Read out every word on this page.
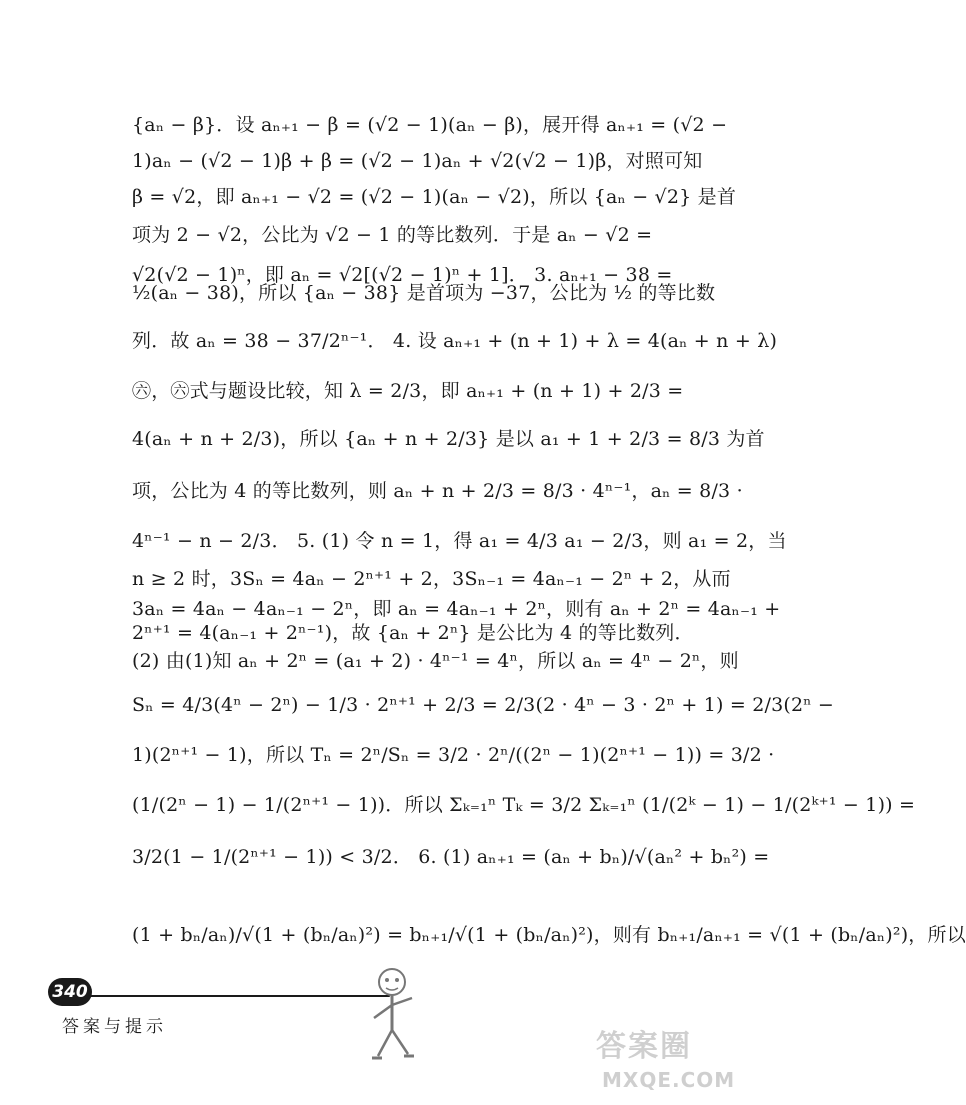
{aₙ − β}．设 aₙ₊₁ − β = (√2 − 1)(aₙ − β)，展开得 aₙ₊₁ = (√2 −
1)aₙ − (√2 − 1)β + β = (√2 − 1)aₙ + √2(√2 − 1)β，对照可知
β = √2，即 aₙ₊₁ − √2 = (√2 − 1)(aₙ − √2)，所以 {aₙ − √2} 是首
项为 2 − √2，公比为 √2 − 1 的等比数列．于是 aₙ − √2 =
√2(√2 − 1)ⁿ，即 aₙ = √2[(√2 − 1)ⁿ + 1]． 3. aₙ₊₁ − 38 =
½(aₙ − 38)，所以 {aₙ − 38} 是首项为 −37，公比为 ½ 的等比数
列．故 aₙ = 38 − 37/2ⁿ⁻¹． 4. 设 aₙ₊₁ + (n + 1) + λ = 4(aₙ + n + λ)
㊅，㊅式与题设比较，知 λ = 2/3，即 aₙ₊₁ + (n + 1) + 2/3 =
4(aₙ + n + 2/3)，所以 {aₙ + n + 2/3} 是以 a₁ + 1 + 2/3 = 8/3 为首
项，公比为 4 的等比数列，则 aₙ + n + 2/3 = 8/3 · 4ⁿ⁻¹，aₙ = 8/3 ·
4ⁿ⁻¹ − n − 2/3． 5. (1) 令 n = 1，得 a₁ = 4/3 a₁ − 2/3，则 a₁ = 2，当
n ≥ 2 时，3Sₙ = 4aₙ − 2ⁿ⁺¹ + 2，3Sₙ₋₁ = 4aₙ₋₁ − 2ⁿ + 2，从而
3aₙ = 4aₙ − 4aₙ₋₁ − 2ⁿ，即 aₙ = 4aₙ₋₁ + 2ⁿ，则有 aₙ + 2ⁿ = 4aₙ₋₁ +
2ⁿ⁺¹ = 4(aₙ₋₁ + 2ⁿ⁻¹)，故 {aₙ + 2ⁿ} 是公比为 4 的等比数列．
(2) 由(1)知 aₙ + 2ⁿ = (a₁ + 2) · 4ⁿ⁻¹ = 4ⁿ，所以 aₙ = 4ⁿ − 2ⁿ，则
Sₙ = 4/3(4ⁿ − 2ⁿ) − 1/3 · 2ⁿ⁺¹ + 2/3 = 2/3(2 · 4ⁿ − 3 · 2ⁿ + 1) = 2/3(2ⁿ −
1)(2ⁿ⁺¹ − 1)，所以 Tₙ = 2ⁿ/Sₙ = 3/2 · 2ⁿ/((2ⁿ − 1)(2ⁿ⁺¹ − 1)) = 3/2 ·
(1/(2ⁿ − 1) − 1/(2ⁿ⁺¹ − 1))．所以 Σₖ₌₁ⁿ Tₖ = 3/2 Σₖ₌₁ⁿ (1/(2ᵏ − 1) − 1/(2ᵏ⁺¹ − 1)) =
3/2(1 − 1/(2ⁿ⁺¹ − 1)) < 3/2． 6. (1) aₙ₊₁ = (aₙ + bₙ)/√(aₙ² + bₙ²) =
(1 + bₙ/aₙ)/√(1 + (bₙ/aₙ)²) = bₙ₊₁/√(1 + (bₙ/aₙ)²)，则有 bₙ₊₁/aₙ₊₁ = √(1 + (bₙ/aₙ)²)，所以
340
答案与提示
答案圈
MXQE.COM
